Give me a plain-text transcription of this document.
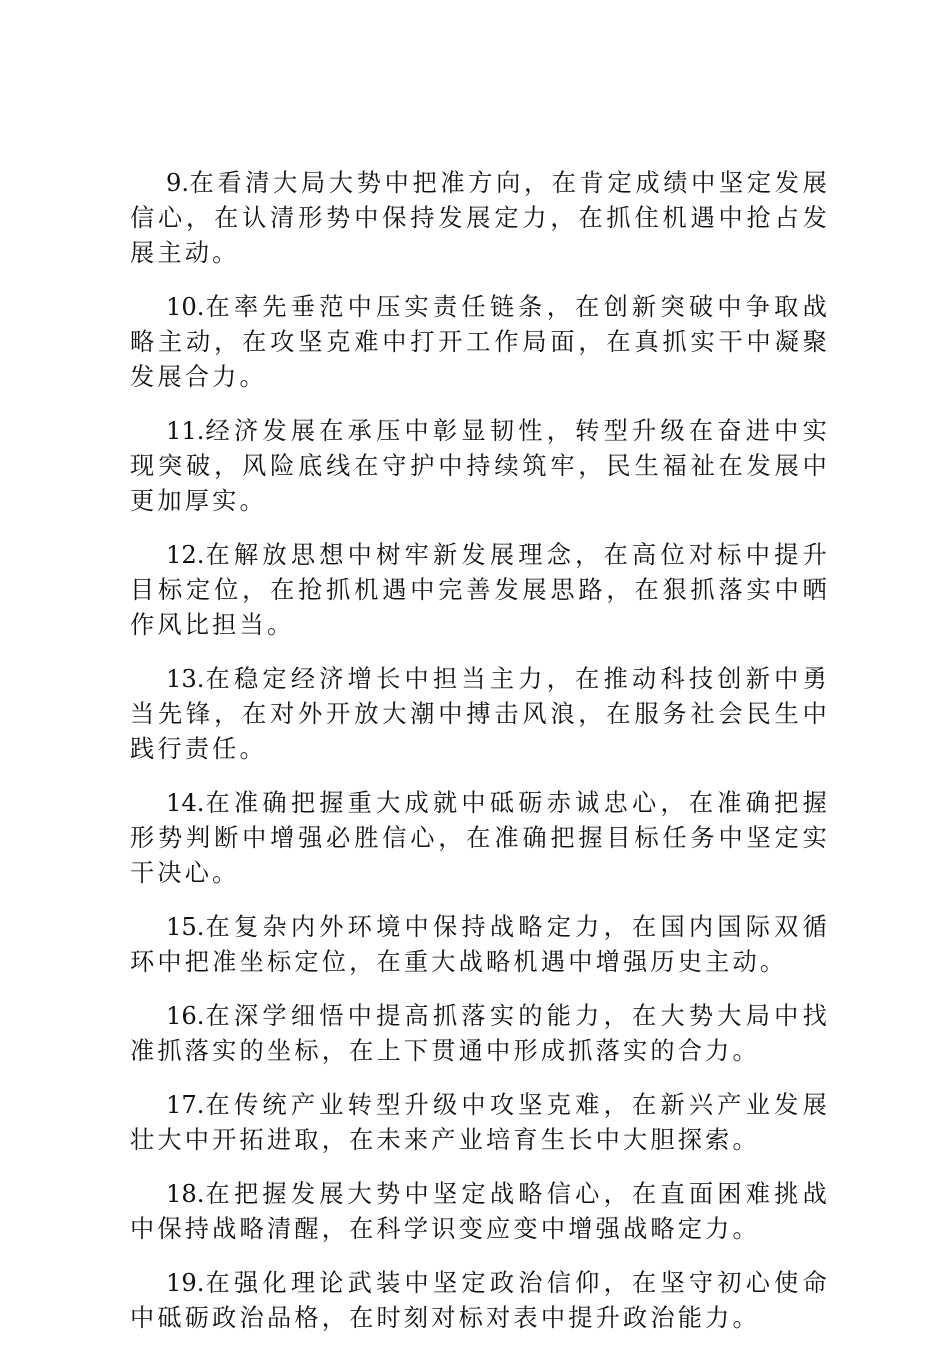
9.在看清大局大势中把准方向，在肯定成绩中坚定发展信心，在认清形势中保持发展定力，在抓住机遇中抢占发展主动。

10.在率先垂范中压实责任链条，在创新突破中争取战略主动，在攻坚克难中打开工作局面，在真抓实干中凝聚发展合力。

11.经济发展在承压中彰显韧性，转型升级在奋进中实现突破，风险底线在守护中持续筑牢，民生福祉在发展中更加厚实。

12.在解放思想中树牢新发展理念，在高位对标中提升目标定位，在抢抓机遇中完善发展思路，在狠抓落实中晒作风比担当。

13.在稳定经济增长中担当主力，在推动科技创新中勇当先锋，在对外开放大潮中搏击风浪，在服务社会民生中践行责任。

14.在准确把握重大成就中砥砺赤诚忠心，在准确把握形势判断中增强必胜信心，在准确把握目标任务中坚定实干决心。

15.在复杂内外环境中保持战略定力，在国内国际双循环中把准坐标定位，在重大战略机遇中增强历史主动。

16.在深学细悟中提高抓落实的能力，在大势大局中找准抓落实的坐标，在上下贯通中形成抓落实的合力。

17.在传统产业转型升级中攻坚克难，在新兴产业发展壮大中开拓进取，在未来产业培育生长中大胆探索。

18.在把握发展大势中坚定战略信心，在直面困难挑战中保持战略清醒，在科学识变应变中增强战略定力。

19.在强化理论武装中坚定政治信仰，在坚守初心使命中砥砺政治品格，在时刻对标对表中提升政治能力。
